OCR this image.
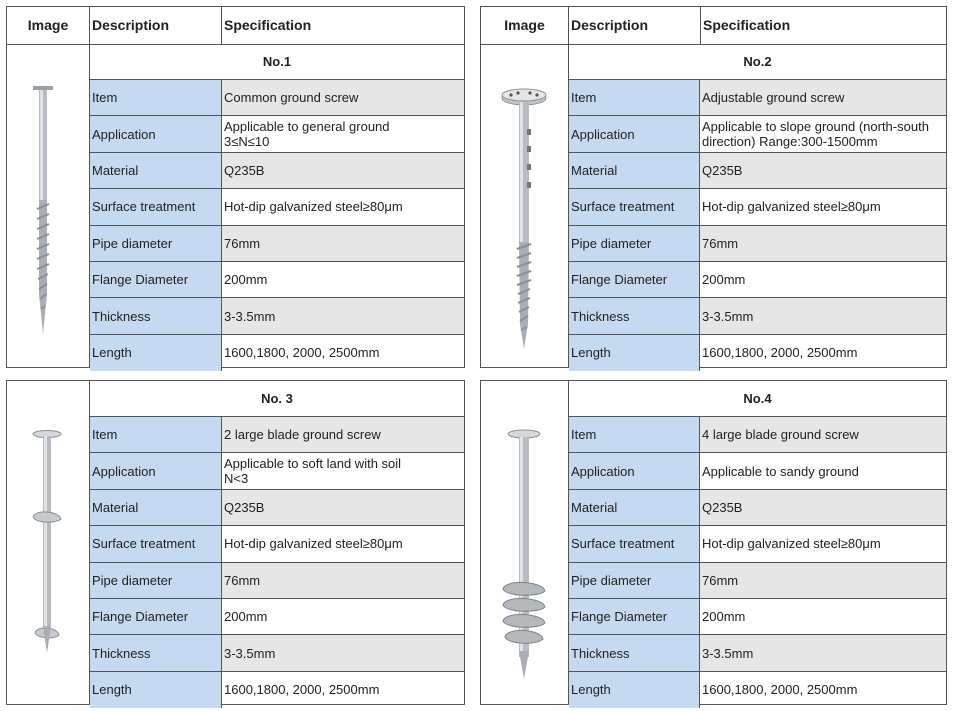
Image	Description	Specification
No.1
Item	Common ground screw
Application	Applicable to general ground
3≤N≤10
Material	Q235B
Surface treatment	Hot-dip galvanized steel≥80μm
Pipe diameter	76mm
Flange Diameter	200mm
Thickness	3-3.5mm
Length	1600,1800, 2000, 2500mm
Image	Description	Specification
No.2
Item	Adjustable ground screw
Application	Applicable to slope ground (north-south direction) Range:300-1500mm
Material	Q235B
Surface treatment	Hot-dip galvanized steel≥80μm
Pipe diameter	76mm
Flange Diameter	200mm
Thickness	3-3.5mm
Length	1600,1800, 2000, 2500mm
No. 3
Item	2 large blade ground screw
Application	Applicable to soft land with soil
N<3
Material	Q235B
Surface treatment	Hot-dip galvanized steel≥80μm
Pipe diameter	76mm
Flange Diameter	200mm
Thickness	3-3.5mm
Length	1600,1800, 2000, 2500mm
No.4
Item	4 large blade ground screw
Application	Applicable to sandy ground
Material	Q235B
Surface treatment	Hot-dip galvanized steel≥80μm
Pipe diameter	76mm
Flange Diameter	200mm
Thickness	3-3.5mm
Length	1600,1800, 2000, 2500mm
